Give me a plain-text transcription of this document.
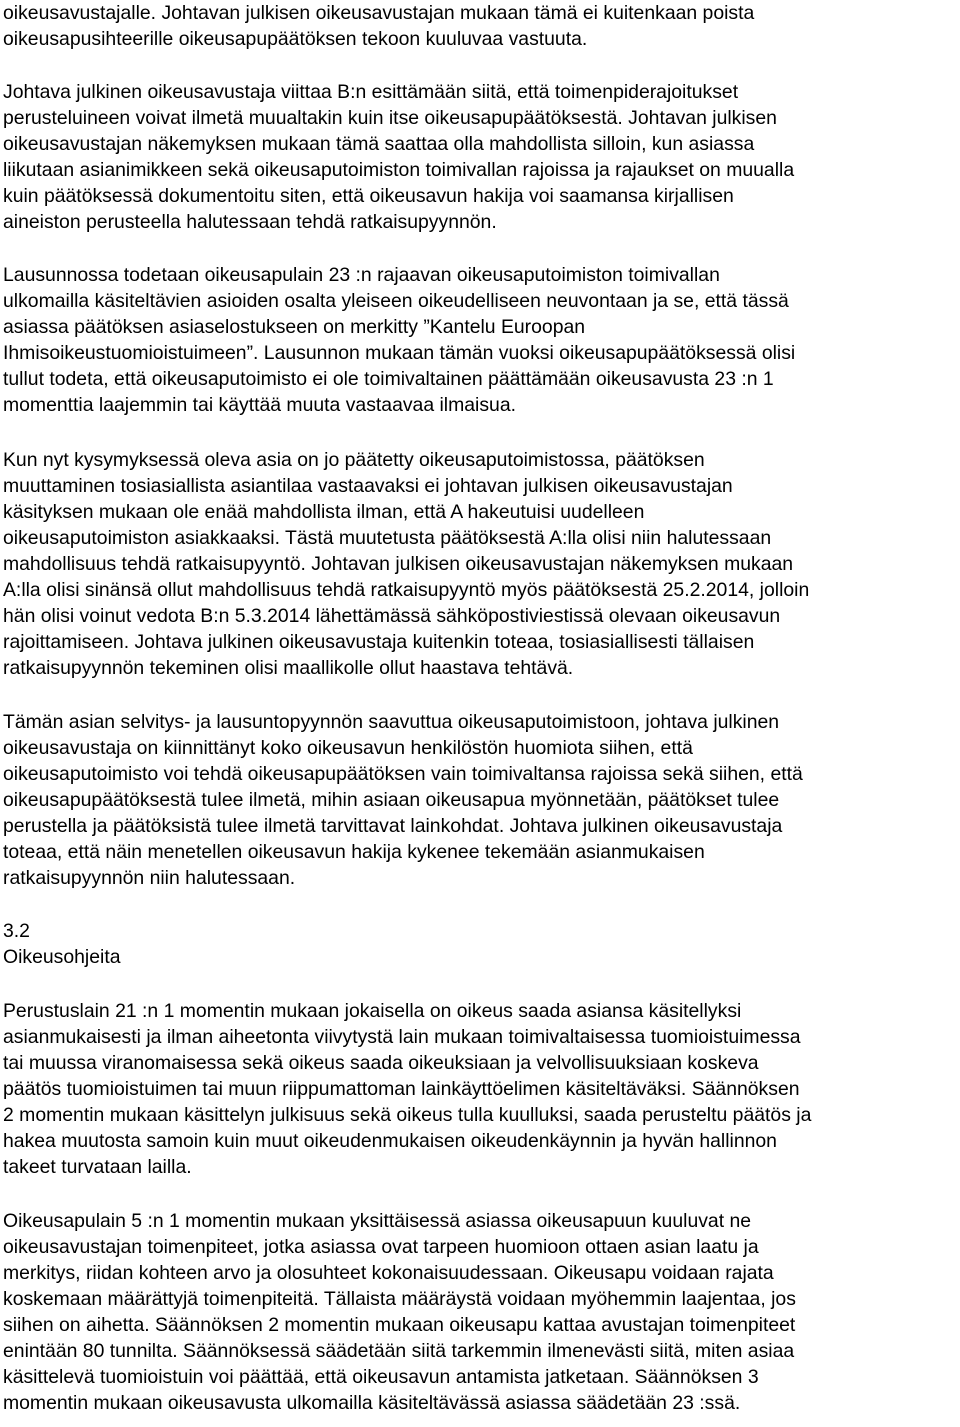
oikeusavustajalle. Johtavan julkisen oikeusavustajan mukaan tämä ei kuitenkaan poista

oikeusapusihteerille oikeusapupäätöksen tekoon kuuluvaa vastuuta.

Johtava julkinen oikeusavustaja viittaa B:n esittämään siitä, että toimenpiderajoitukset

perusteluineen voivat ilmetä muualtakin kuin itse oikeusapupäätöksestä. Johtavan julkisen

oikeusavustajan näkemyksen mukaan tämä saattaa olla mahdollista silloin, kun asiassa

liikutaan asianimikkeen sekä oikeusaputoimiston toimivallan rajoissa ja rajaukset on muualla

kuin päätöksessä dokumentoitu siten, että oikeusavun hakija voi saamansa kirjallisen

aineiston perusteella halutessaan tehdä ratkaisupyynnön.

Lausunnossa todetaan oikeusapulain 23 :n rajaavan oikeusaputoimiston toimivallan

ulkomailla käsiteltävien asioiden osalta yleiseen oikeudelliseen neuvontaan ja se, että tässä

asiassa päätöksen asiaselostukseen on merkitty ”Kantelu Euroopan

Ihmisoikeustuomioistuimeen”. Lausunnon mukaan tämän vuoksi oikeusapupäätöksessä olisi

tullut todeta, että oikeusaputoimisto ei ole toimivaltainen päättämään oikeusavusta 23 :n 1

momenttia laajemmin tai käyttää muuta vastaavaa ilmaisua.

Kun nyt kysymyksessä oleva asia on jo päätetty oikeusaputoimistossa, päätöksen

muuttaminen tosiasiallista asiantilaa vastaavaksi ei johtavan julkisen oikeusavustajan

käsityksen mukaan ole enää mahdollista ilman, että A hakeutuisi uudelleen

oikeusaputoimiston asiakkaaksi. Tästä muutetusta päätöksestä A:lla olisi niin halutessaan

mahdollisuus tehdä ratkaisupyyntö. Johtavan julkisen oikeusavustajan näkemyksen mukaan

A:lla olisi sinänsä ollut mahdollisuus tehdä ratkaisupyyntö myös päätöksestä 25.2.2014, jolloin

hän olisi voinut vedota B:n 5.3.2014 lähettämässä sähköpostiviestissä olevaan oikeusavun

rajoittamiseen. Johtava julkinen oikeusavustaja kuitenkin toteaa, tosiasiallisesti tällaisen

ratkaisupyynnön tekeminen olisi maallikolle ollut haastava tehtävä.

Tämän asian selvitys- ja lausuntopyynnön saavuttua oikeusaputoimistoon, johtava julkinen

oikeusavustaja on kiinnittänyt koko oikeusavun henkilöstön huomiota siihen, että

oikeusaputoimisto voi tehdä oikeusapupäätöksen vain toimivaltansa rajoissa sekä siihen, että

oikeusapupäätöksestä tulee ilmetä, mihin asiaan oikeusapua myönnetään, päätökset tulee

perustella ja päätöksistä tulee ilmetä tarvittavat lainkohdat. Johtava julkinen oikeusavustaja

toteaa, että näin menetellen oikeusavun hakija kykenee tekemään asianmukaisen

ratkaisupyynnön niin halutessaan.

3.2

Oikeusohjeita

Perustuslain 21 :n 1 momentin mukaan jokaisella on oikeus saada asiansa käsitellyksi

asianmukaisesti ja ilman aiheetonta viivytystä lain mukaan toimivaltaisessa tuomioistuimessa

tai muussa viranomaisessa sekä oikeus saada oikeuksiaan ja velvollisuuksiaan koskeva

päätös tuomioistuimen tai muun riippumattoman lainkäyttöelimen käsiteltäväksi. Säännöksen

2 momentin mukaan käsittelyn julkisuus sekä oikeus tulla kuulluksi, saada perusteltu päätös ja

hakea muutosta samoin kuin muut oikeudenmukaisen oikeudenkäynnin ja hyvän hallinnon

takeet turvataan lailla.

Oikeusapulain 5 :n 1 momentin mukaan yksittäisessä asiassa oikeusapuun kuuluvat ne

oikeusavustajan toimenpiteet, jotka asiassa ovat tarpeen huomioon ottaen asian laatu ja

merkitys, riidan kohteen arvo ja olosuhteet kokonaisuudessaan. Oikeusapu voidaan rajata

koskemaan määrättyjä toimenpiteitä. Tällaista määräystä voidaan myöhemmin laajentaa, jos

siihen on aihetta. Säännöksen 2 momentin mukaan oikeusapu kattaa avustajan toimenpiteet

enintään 80 tunnilta. Säännöksessä säädetään siitä tarkemmin ilmenevästi siitä, miten asiaa

käsittelevä tuomioistuin voi päättää, että oikeusavun antamista jatketaan. Säännöksen 3

momentin mukaan oikeusavusta ulkomailla käsiteltävässä asiassa säädetään 23 :ssä.
